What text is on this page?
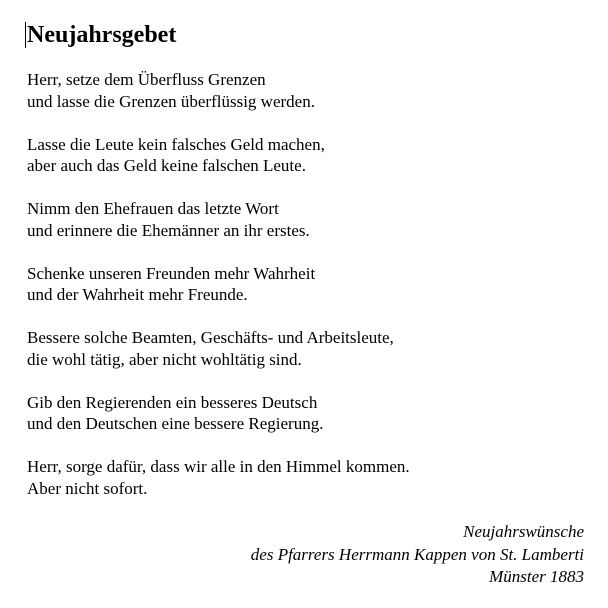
Neujahrsgebet

Herr, setze dem Überfluss Grenzen
und lasse die Grenzen überflüssig werden.

Lasse die Leute kein falsches Geld machen,
aber auch das Geld keine falschen Leute.

Nimm den Ehefrauen das letzte Wort
und erinnere die Ehemänner an ihr erstes.

Schenke unseren Freunden mehr Wahrheit
und der Wahrheit mehr Freunde.

Bessere solche Beamten, Geschäfts- und Arbeitsleute,
die wohl tätig, aber nicht wohltätig sind.

Gib den Regierenden ein besseres Deutsch
und den Deutschen eine bessere Regierung.

Herr, sorge dafür, dass wir alle in den Himmel kommen.
Aber nicht sofort.

Neujahrswünsche
des Pfarrers Herrmann Kappen von St. Lamberti
Münster 1883
